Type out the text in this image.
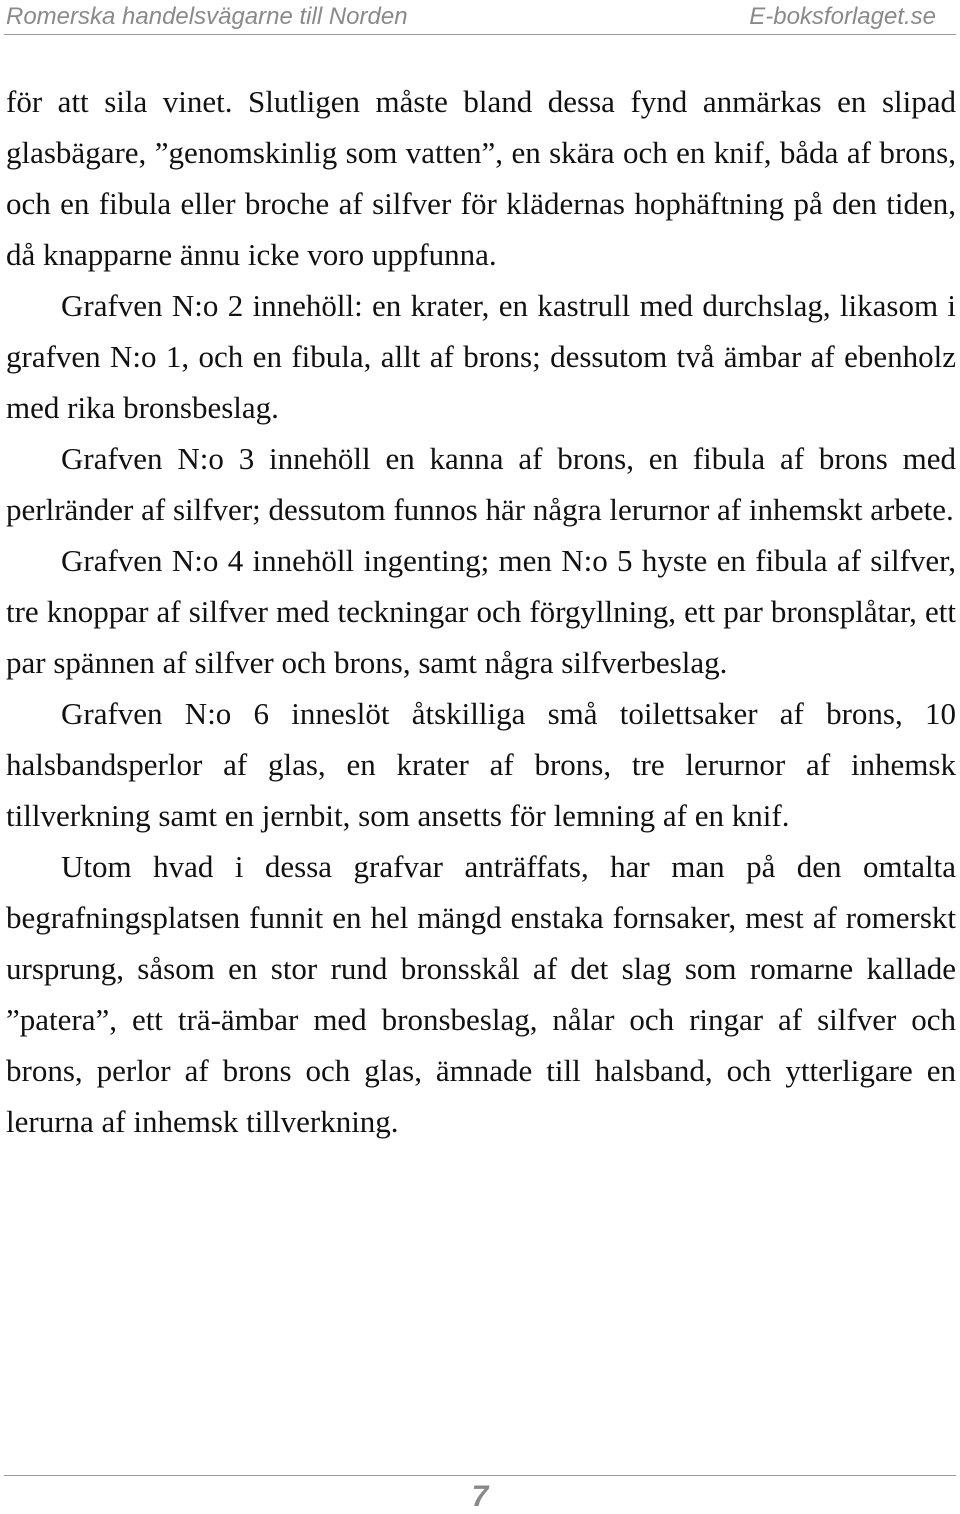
Romerska handelsvägarne till Norden	E-boksforlaget.se

för att sila vinet. Slutligen måste bland dessa fynd anmärkas en slipad glasbägare, ”genomskinlig som vatten”, en skära och en knif, båda af brons, och en fibula eller broche af silfver för klädernas hophäftning på den tiden, då knapparne ännu icke voro uppfunna.

Grafven N:o 2 innehöll: en krater, en kastrull med durchslag, likasom i grafven N:o 1, och en fibula, allt af brons; dessutom två ämbar af ebenholz med rika bronsbeslag.

Grafven N:o 3 innehöll en kanna af brons, en fibula af brons med perlränder af silfver; dessutom funnos här några lerurnor af inhemskt arbete.

Grafven N:o 4 innehöll ingenting; men N:o 5 hyste en fibula af silfver, tre knoppar af silfver med teckningar och förgyllning, ett par bronsplåtar, ett par spännen af silfver och brons, samt några silfverbeslag.

Grafven N:o 6 inneslöt åtskilliga små toilettsaker af brons, 10 halsbandsperlor af glas, en krater af brons, tre lerurnor af inhemsk tillverkning samt en jernbit, som ansetts för lemning af en knif.

Utom hvad i dessa grafvar anträffats, har man på den omtalta begrafningsplatsen funnit en hel mängd enstaka fornsaker, mest af romerskt ursprung, såsom en stor rund bronsskål af det slag som romarne kallade ”patera”, ett trä-ämbar med bronsbeslag, nålar och ringar af silfver och brons, perlor af brons och glas, ämnade till halsband, och ytterligare en lerurna af inhemsk tillverkning.

7
